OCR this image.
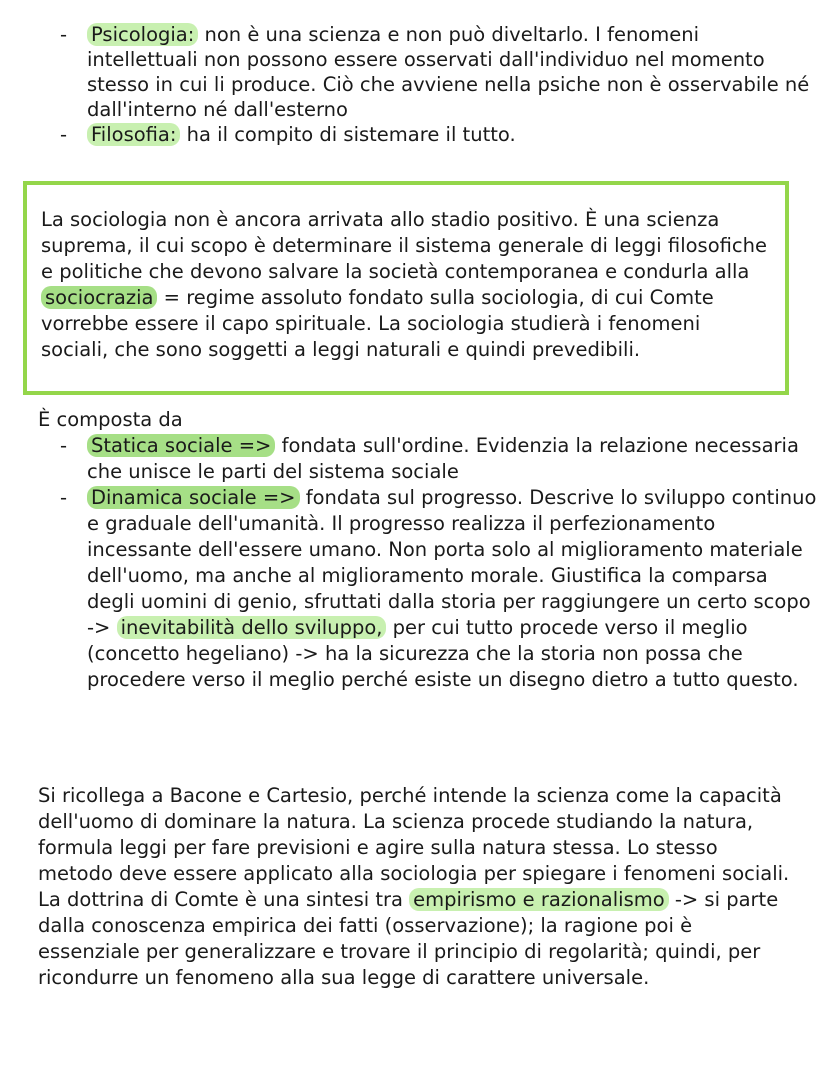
- Psicologia: non è una scienza e non può diveltarlo. I fenomeni intellettuali non possono essere osservati dall'individuo nel momento stesso in cui li produce. Ciò che avviene nella psiche non è osservabile né dall'interno né dall'esterno
- Filosofia: ha il compito di sistemare il tutto.

La sociologia non è ancora arrivata allo stadio positivo. È una scienza suprema, il cui scopo è determinare il sistema generale di leggi filosofiche e politiche che devono salvare la società contemporanea e condurla alla sociocrazia = regime assoluto fondato sulla sociologia, di cui Comte vorrebbe essere il capo spirituale. La sociologia studierà i fenomeni sociali, che sono soggetti a leggi naturali e quindi prevedibili.

È composta da
- Statica sociale => fondata sull'ordine. Evidenzia la relazione necessaria che unisce le parti del sistema sociale
- Dinamica sociale => fondata sul progresso. Descrive lo sviluppo continuo e graduale dell'umanità. Il progresso realizza il perfezionamento incessante dell'essere umano. Non porta solo al miglioramento materiale dell'uomo, ma anche al miglioramento morale. Giustifica la comparsa degli uomini di genio, sfruttati dalla storia per raggiungere un certo scopo -> inevitabilità dello sviluppo, per cui tutto procede verso il meglio (concetto hegeliano) -> ha la sicurezza che la storia non possa che procedere verso il meglio perché esiste un disegno dietro a tutto questo.

Si ricollega a Bacone e Cartesio, perché intende la scienza come la capacità dell'uomo di dominare la natura. La scienza procede studiando la natura, formula leggi per fare previsioni e agire sulla natura stessa. Lo stesso metodo deve essere applicato alla sociologia per spiegare i fenomeni sociali. La dottrina di Comte è una sintesi tra empirismo e razionalismo -> si parte dalla conoscenza empirica dei fatti (osservazione); la ragione poi è essenziale per generalizzare e trovare il principio di regolarità; quindi, per ricondurre un fenomeno alla sua legge di carattere universale.
